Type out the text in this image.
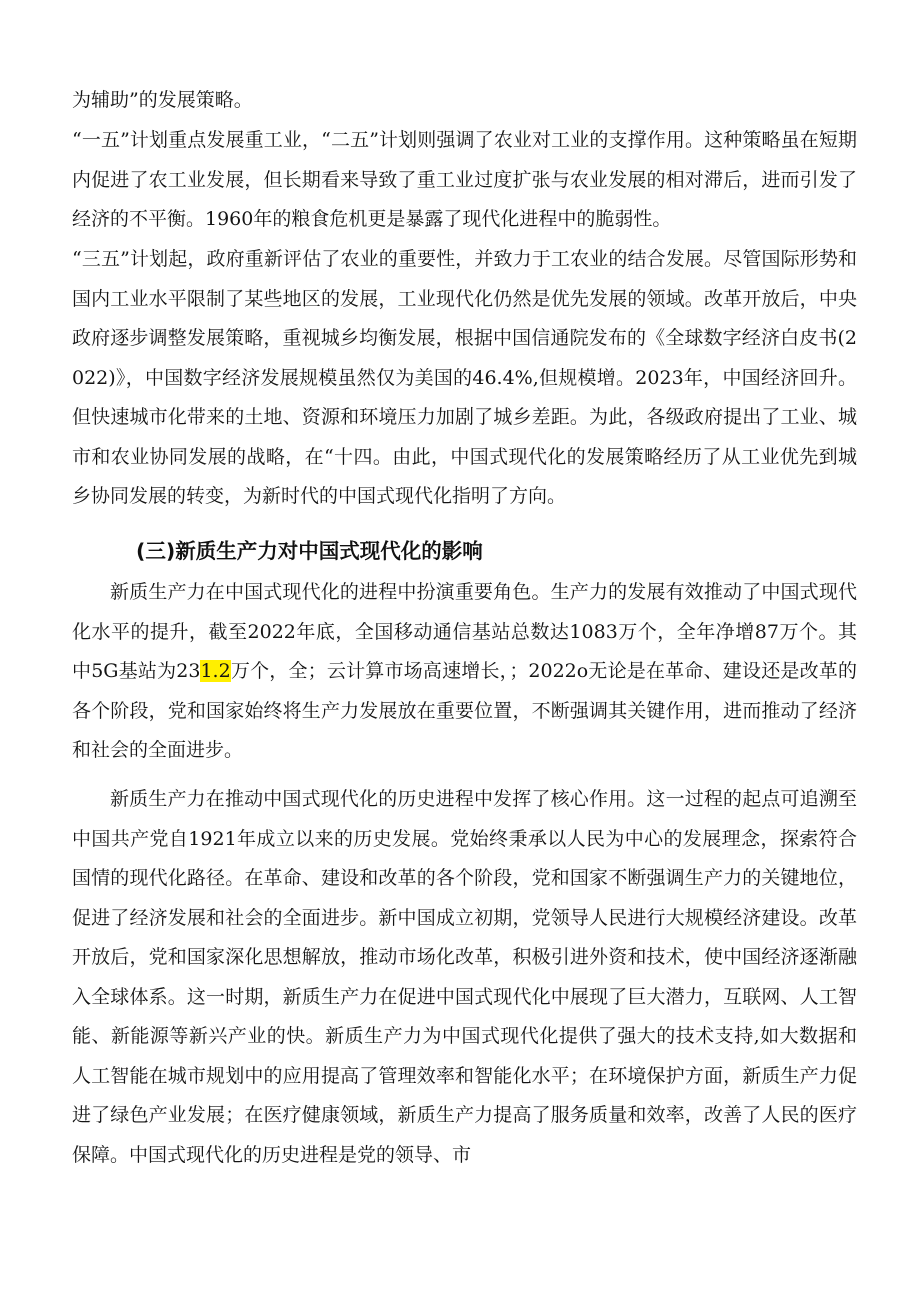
为辅助”的发展策略。

“一五”计划重点发展重工业，“二五”计划则强调了农业对工业的支撑作用。这种策略虽在短期内促进了农工业发展，但长期看来导致了重工业过度扩张与农业发展的相对滞后，进而引发了经济的不平衡。1960年的粮食危机更是暴露了现代化进程中的脆弱性。

“三五”计划起，政府重新评估了农业的重要性，并致力于工农业的结合发展。尽管国际形势和国内工业水平限制了某些地区的发展，工业现代化仍然是优先发展的领域。改革开放后，中央政府逐步调整发展策略，重视城乡均衡发展，根据中国信通院发布的《全球数字经济白皮书(2022)》，中国数字经济发展规模虽然仅为美国的46.4%,但规模增。2023年，中国经济回升。但快速城市化带来的土地、资源和环境压力加剧了城乡差距。为此，各级政府提出了工业、城市和农业协同发展的战略，在“十四。由此，中国式现代化的发展策略经历了从工业优先到城乡协同发展的转变，为新时代的中国式现代化指明了方向。

(三)新质生产力对中国式现代化的影响

新质生产力在中国式现代化的进程中扮演重要角色。生产力的发展有效推动了中国式现代化水平的提升，截至2022年底，全国移动通信基站总数达1083万个，全年净增87万个。其中5G基站为231.2万个，全；云计算市场高速增长，；2022o无论是在革命、建设还是改革的各个阶段，党和国家始终将生产力发展放在重要位置，不断强调其关键作用，进而推动了经济和社会的全面进步。

新质生产力在推动中国式现代化的历史进程中发挥了核心作用。这一过程的起点可追溯至中国共产党自1921年成立以来的历史发展。党始终秉承以人民为中心的发展理念，探索符合国情的现代化路径。在革命、建设和改革的各个阶段，党和国家不断强调生产力的关键地位，促进了经济发展和社会的全面进步。新中国成立初期，党领导人民进行大规模经济建设。改革开放后，党和国家深化思想解放，推动市场化改革，积极引进外资和技术，使中国经济逐渐融入全球体系。这一时期，新质生产力在促进中国式现代化中展现了巨大潜力，互联网、人工智能、新能源等新兴产业的快。新质生产力为中国式现代化提供了强大的技术支持,如大数据和人工智能在城市规划中的应用提高了管理效率和智能化水平；在环境保护方面，新质生产力促进了绿色产业发展；在医疗健康领域，新质生产力提高了服务质量和效率，改善了人民的医疗保障。中国式现代化的历史进程是党的领导、市
